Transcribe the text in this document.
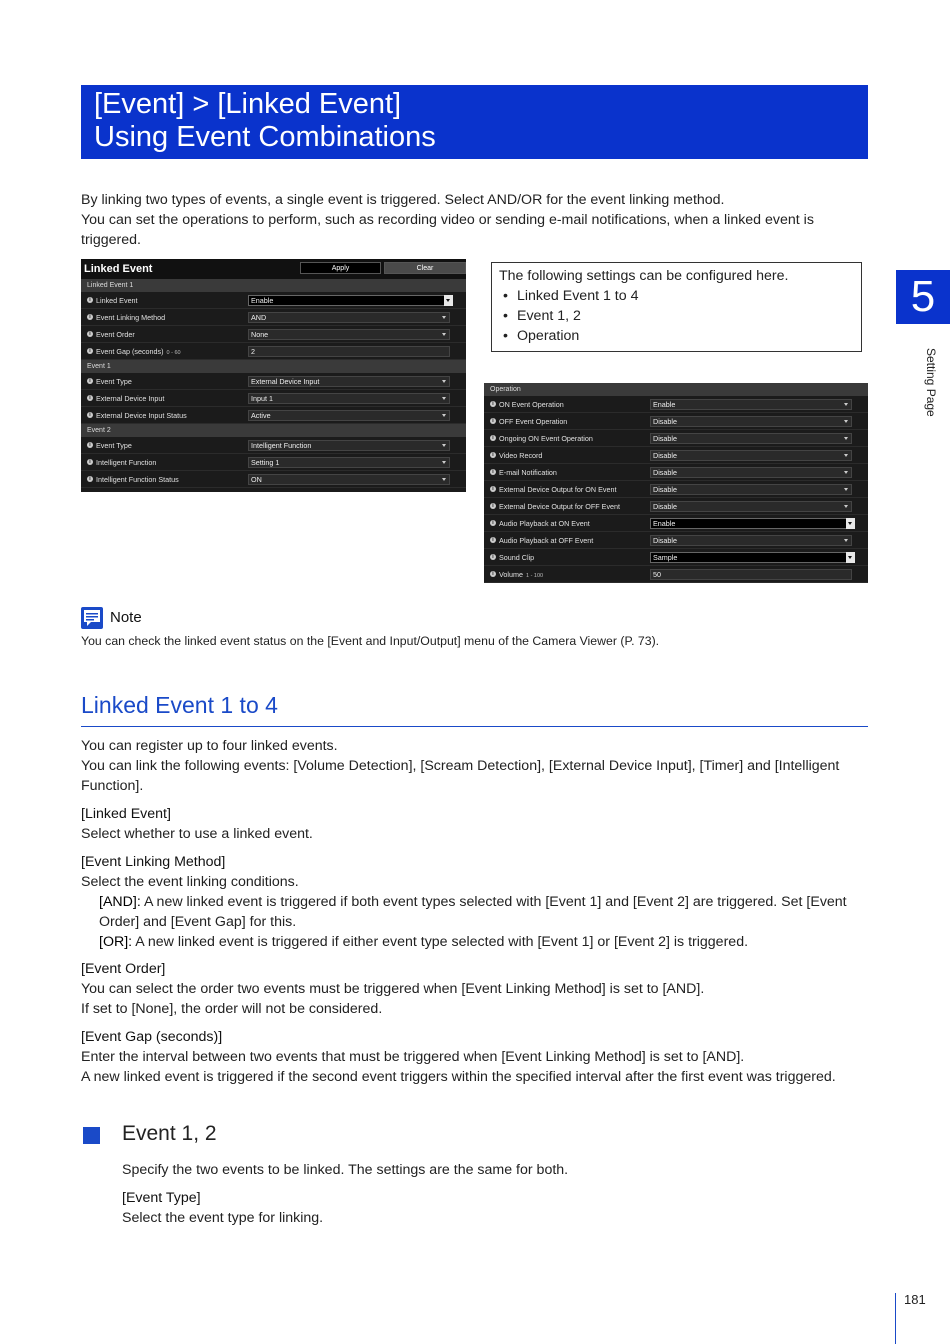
[Event] > [Linked Event]
Using Event Combinations
By linking two types of events, a single event is triggered. Select AND/OR for the event linking method.
You can set the operations to perform, such as recording video or sending e-mail notifications, when a linked event is
triggered.
Linked Event	Apply	Clear
Linked Event 1
i Linked Event	Enable
i Event Linking Method	AND
i Event Order	None
i Event Gap (seconds) 0 - 60	2
Event 1
i Event Type	External Device Input
i External Device Input	Input 1
i External Device Input Status	Active
Event 2
i Event Type	Intelligent Function
i Intelligent Function	Setting 1
i Intelligent Function Status	ON
The following settings can be configured here.
• Linked Event 1 to 4
• Event 1, 2
• Operation
Operation
i ON Event Operation	Enable
i OFF Event Operation	Disable
i Ongoing ON Event Operation	Disable
i Video Record	Disable
i E-mail Notification	Disable
i External Device Output for ON Event	Disable
i External Device Output for OFF Event	Disable
i Audio Playback at ON Event	Enable
i Audio Playback at OFF Event	Disable
i Sound Clip	Sample
i Volume 1 - 100	50
5
Setting Page
Note
You can check the linked event status on the [Event and Input/Output] menu of the Camera Viewer (P. 73).
Linked Event 1 to 4
You can register up to four linked events.
You can link the following events: [Volume Detection], [Scream Detection], [External Device Input], [Timer] and [Intelligent
Function].
[Linked Event]
Select whether to use a linked event.
[Event Linking Method]
Select the event linking conditions.
[AND]: A new linked event is triggered if both event types selected with [Event 1] and [Event 2] are triggered. Set [Event
Order] and [Event Gap] for this.
[OR]: A new linked event is triggered if either event type selected with [Event 1] or [Event 2] is triggered.
[Event Order]
You can select the order two events must be triggered when [Event Linking Method] is set to [AND].
If set to [None], the order will not be considered.
[Event Gap (seconds)]
Enter the interval between two events that must be triggered when [Event Linking Method] is set to [AND].
A new linked event is triggered if the second event triggers within the specified interval after the first event was triggered.
Event 1, 2
Specify the two events to be linked. The settings are the same for both.
[Event Type]
Select the event type for linking.
181
